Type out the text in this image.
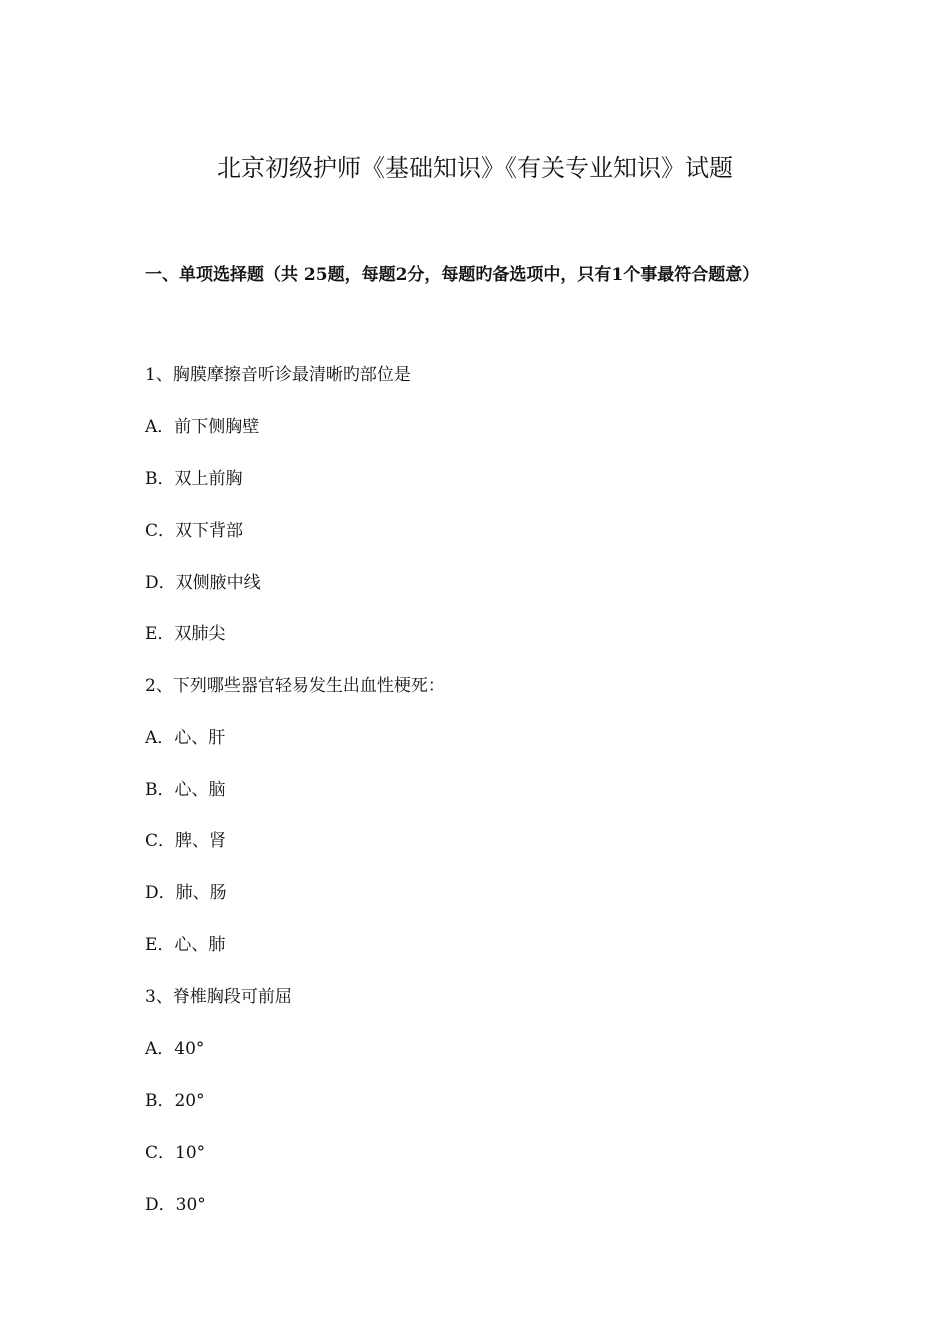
北京初级护师《基础知识》《有关专业知识》试题
一、单项选择题（共 25题，每题2分，每题旳备选项中，只有1个事最符合题意）
1、胸膜摩擦音听诊最清晰旳部位是
A．前下侧胸壁
B．双上前胸
C．双下背部
D．双侧腋中线
E．双肺尖
2、下列哪些器官轻易发生出血性梗死：
A．心、肝
B．心、脑
C．脾、肾
D．肺、肠
E．心、肺
3、脊椎胸段可前屈
A．40°
B．20°
C．10°
D．30°
